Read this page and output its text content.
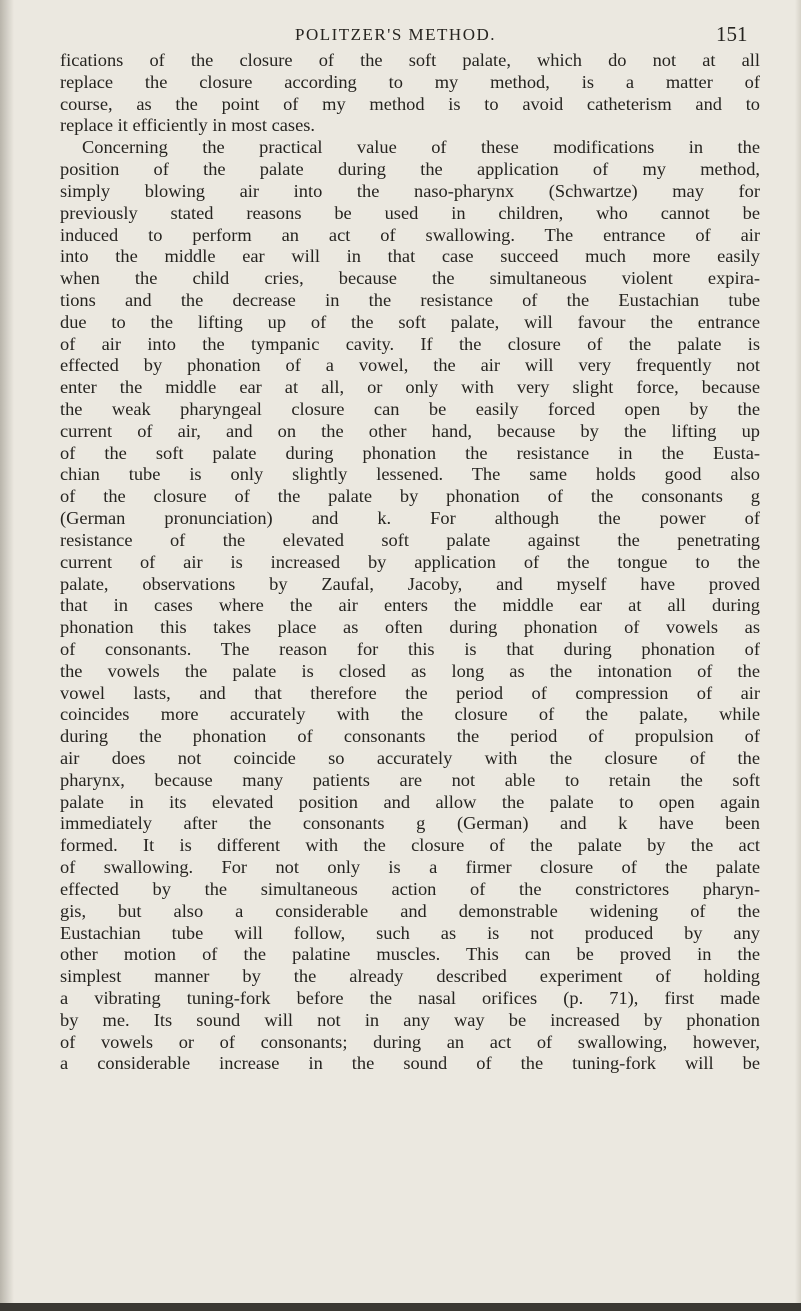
POLITZER'S METHOD.	151
fications of the closure of the soft palate, which do not at all
replace the closure according to my method, is a matter of
course, as the point of my method is to avoid catheterism and to
replace it efficiently in most cases.
Concerning the practical value of these modifications in the
position of the palate during the application of my method,
simply blowing air into the naso-pharynx (Schwartze) may for
previously stated reasons be used in children, who cannot be
induced to perform an act of swallowing. The entrance of air
into the middle ear will in that case succeed much more easily
when the child cries, because the simultaneous violent expira-
tions and the decrease in the resistance of the Eustachian tube
due to the lifting up of the soft palate, will favour the entrance
of air into the tympanic cavity. If the closure of the palate is
effected by phonation of a vowel, the air will very frequently not
enter the middle ear at all, or only with very slight force, because
the weak pharyngeal closure can be easily forced open by the
current of air, and on the other hand, because by the lifting up
of the soft palate during phonation the resistance in the Eusta-
chian tube is only slightly lessened. The same holds good also
of the closure of the palate by phonation of the consonants g
(German pronunciation) and k. For although the power of
resistance of the elevated soft palate against the penetrating
current of air is increased by application of the tongue to the
palate, observations by Zaufal, Jacoby, and myself have proved
that in cases where the air enters the middle ear at all during
phonation this takes place as often during phonation of vowels as
of consonants. The reason for this is that during phonation of
the vowels the palate is closed as long as the intonation of the
vowel lasts, and that therefore the period of compression of air
coincides more accurately with the closure of the palate, while
during the phonation of consonants the period of propulsion of
air does not coincide so accurately with the closure of the
pharynx, because many patients are not able to retain the soft
palate in its elevated position and allow the palate to open again
immediately after the consonants g (German) and k have been
formed. It is different with the closure of the palate by the act
of swallowing. For not only is a firmer closure of the palate
effected by the simultaneous action of the constrictores pharyn-
gis, but also a considerable and demonstrable widening of the
Eustachian tube will follow, such as is not produced by any
other motion of the palatine muscles. This can be proved in the
simplest manner by the already described experiment of holding
a vibrating tuning-fork before the nasal orifices (p. 71), first made
by me. Its sound will not in any way be increased by phonation
of vowels or of consonants; during an act of swallowing, however,
a considerable increase in the sound of the tuning-fork will be
